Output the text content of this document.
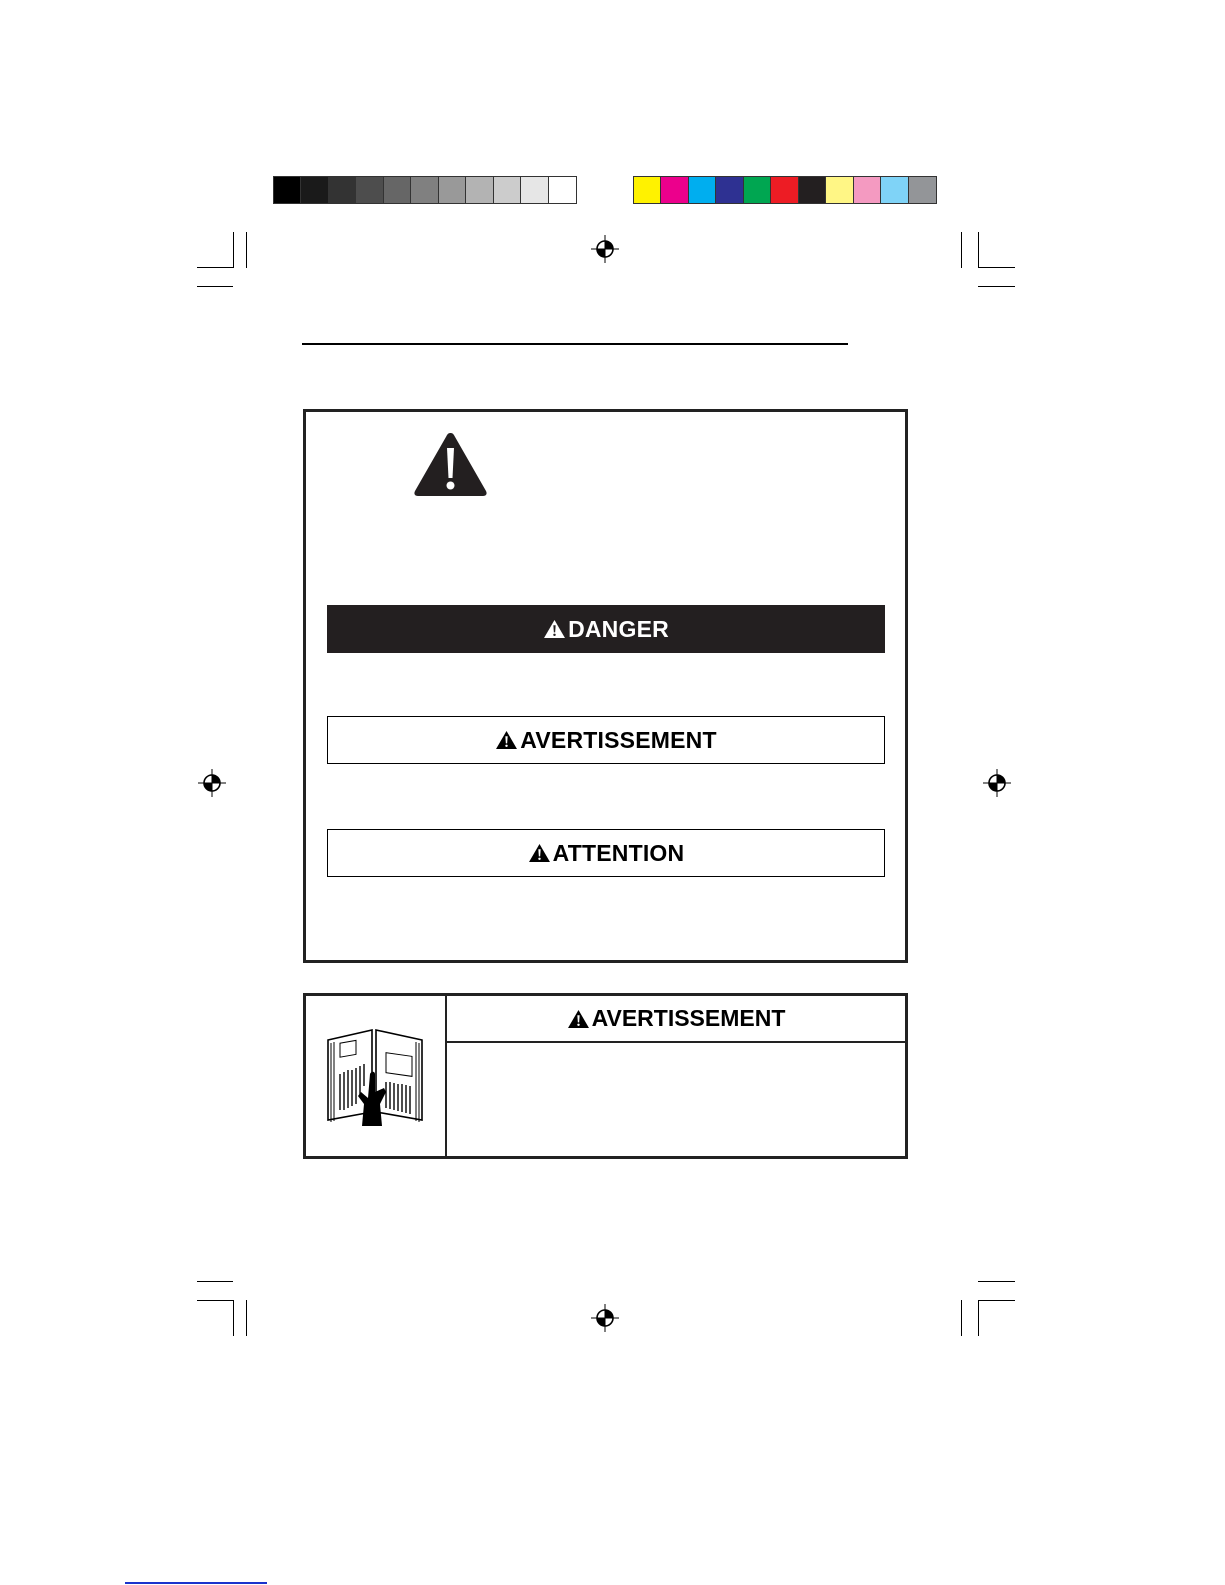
DANGER
AVERTISSEMENT
ATTENTION
AVERTISSEMENT
